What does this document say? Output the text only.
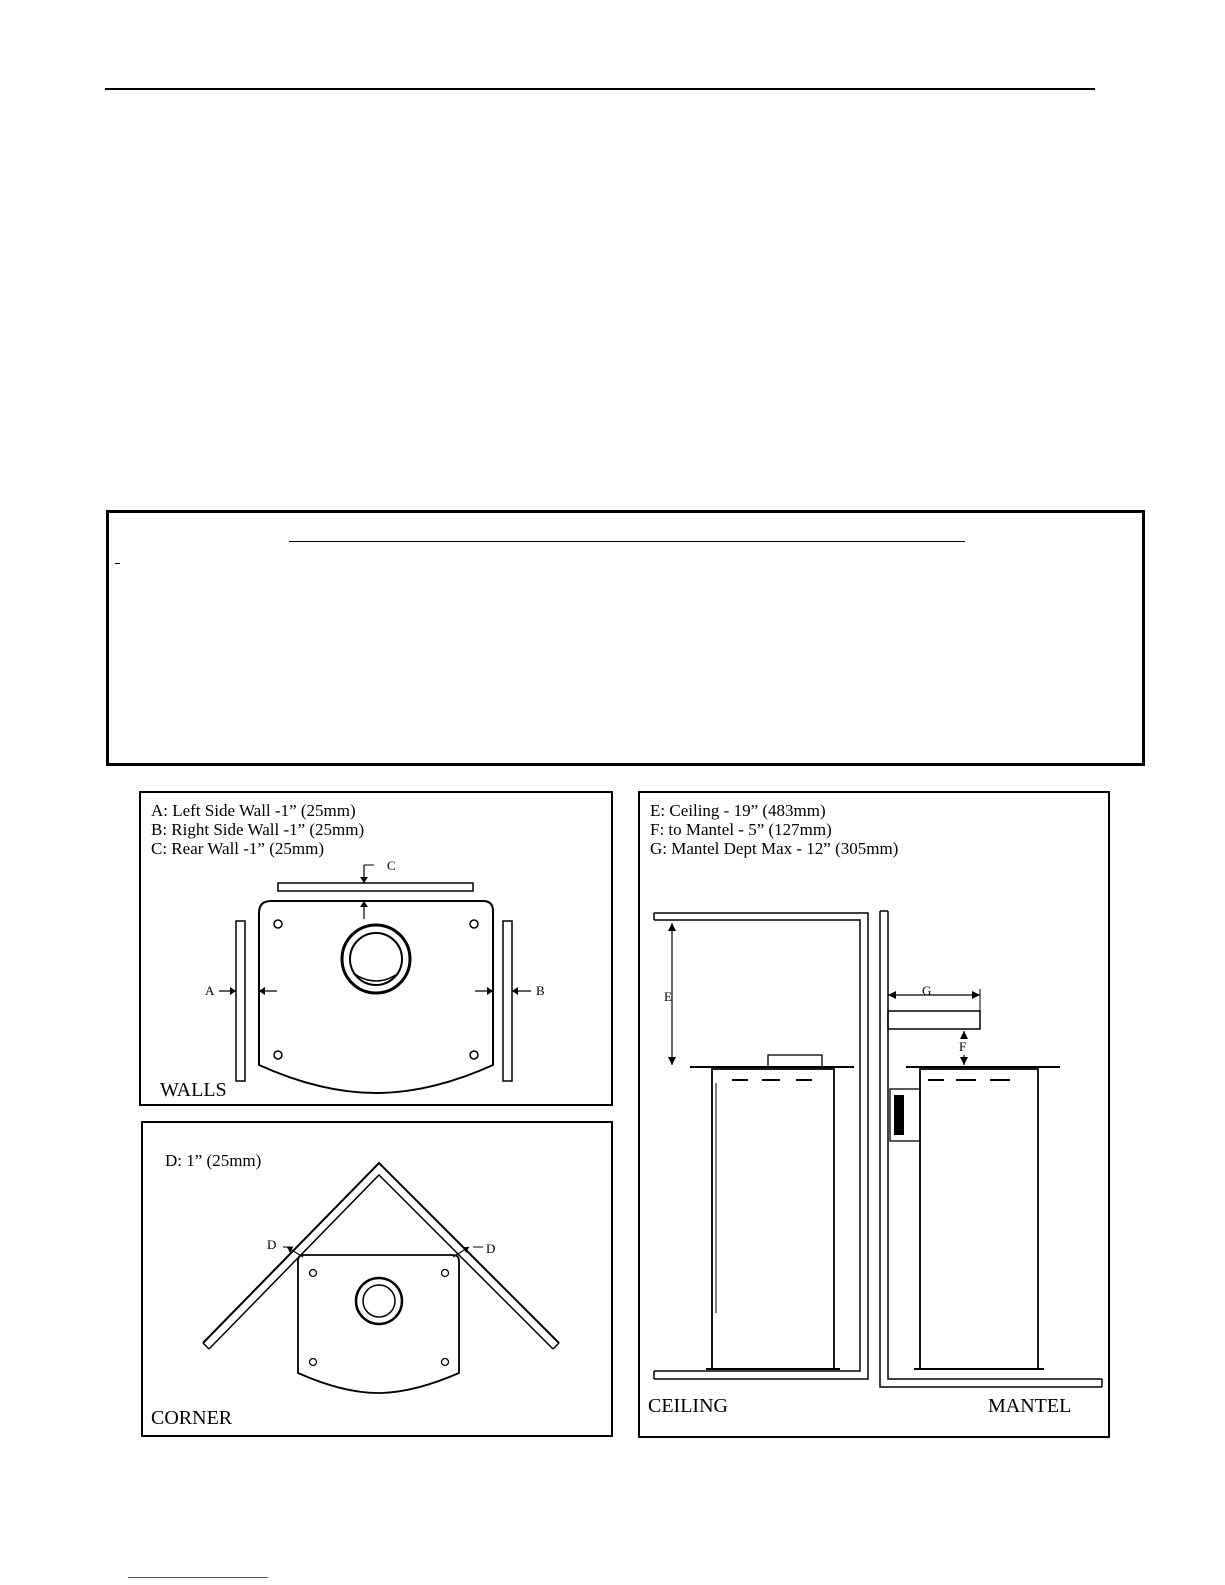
A: Left Side Wall -1” (25mm)
B: Right Side Wall -1” (25mm)
C: Rear Wall -1” (25mm)
C
A	B
WALLS
D: 1” (25mm)
D	D
CORNER
E: Ceiling - 19” (483mm)
F: to Mantel - 5” (127mm)
G: Mantel Dept Max - 12” (305mm)
E	G
F
CEILING	MANTEL
